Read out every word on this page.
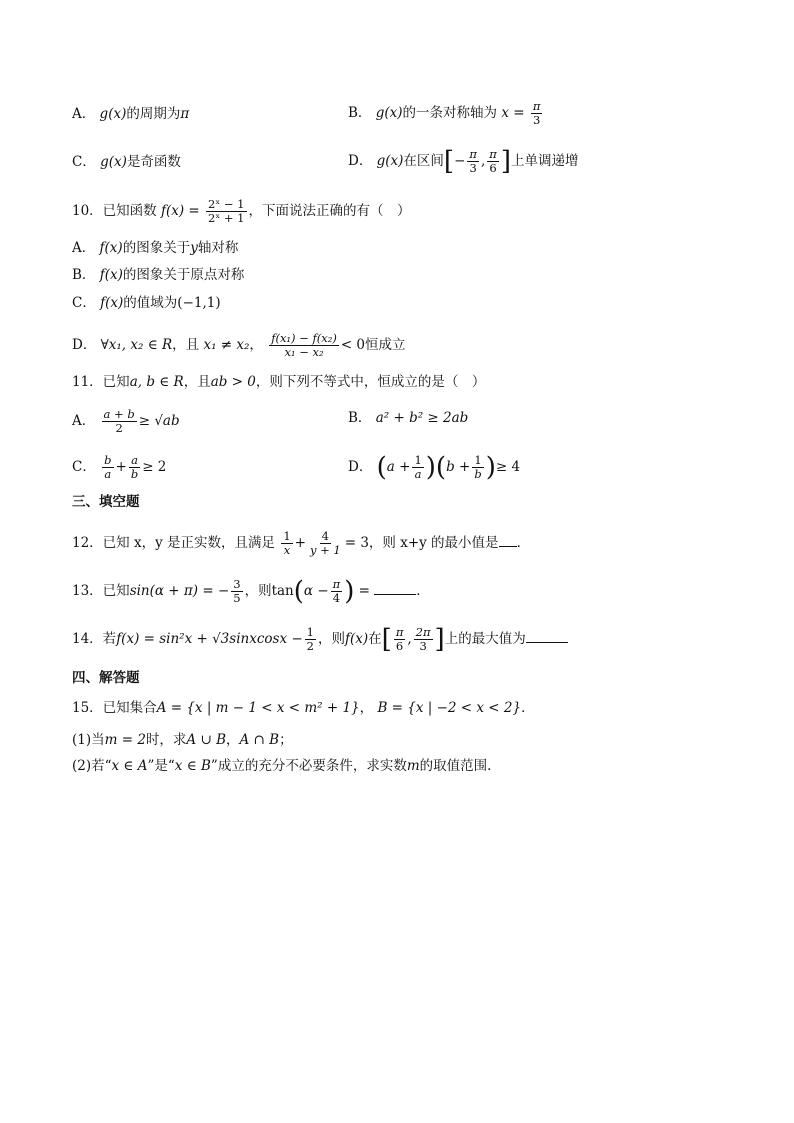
A． g(x)的周期为π	B． g(x)的一条对称轴为 $x = \frac{\pi}{3}$
C． g(x)是奇函数	D． g(x)在区间[− $\frac{\pi}{3}$ , $\frac{\pi}{6}$ ]上单调递增
10．已知函数 $f(x) = \frac{\text{2ˣ − 1}}{\text{2ˣ + 1}}$ ，下面说法正确的有（　）
A． f(x)的图象关于y轴对称
B． f(x)的图象关于原点对称
C． f(x)的值域为(−1,1)
D． ∀x₁, x₂ ∈ R，且 x₁ ≠ x₂， $\frac{\text{f(x₁) − f(x₂)}}{\text{x₁ − x₂}} < 0$恒成立
11．已知a, b ∈ R，且ab > 0，则下列不等式中，恒成立的是（　）
A． $\frac{a + b}{2} \ge √ab$	B． a² + b² ≥ 2ab
C． $\frac{b}{a} + \frac{a}{b} \ge 2$	D． $(a + \frac{1}{a} )(b + \frac{1}{b}$ )≥ 4
三、填空题
12．已知 x，y 是正实数，且满足 $\frac{1}{x} + \frac{4}{y + 1} = 3$，则 x+y 的最小值是 ．
13．已知sin(α + π) = − $\frac{3}{5}$ ，则$\tan(\alpha - \frac{\pi}{4}$ ) =	．
14．若f(x) = sin²x + √3sinxcosx − $\frac{1}{2}$ ，则f(x)在[ $\frac{\pi}{6}$ , $\frac{2\pi}{3}$ ]上的最大值为
四、解答题
15．已知集合A = {x | m − 1 < x < m² + 1}， B = {x | −2 < x < 2}．
(1)当m = 2时，求A ∪ B，A ∩ B；
(2)若“x ∈ A”是“x ∈ B”成立的充分不必要条件，求实数m的取值范围.
